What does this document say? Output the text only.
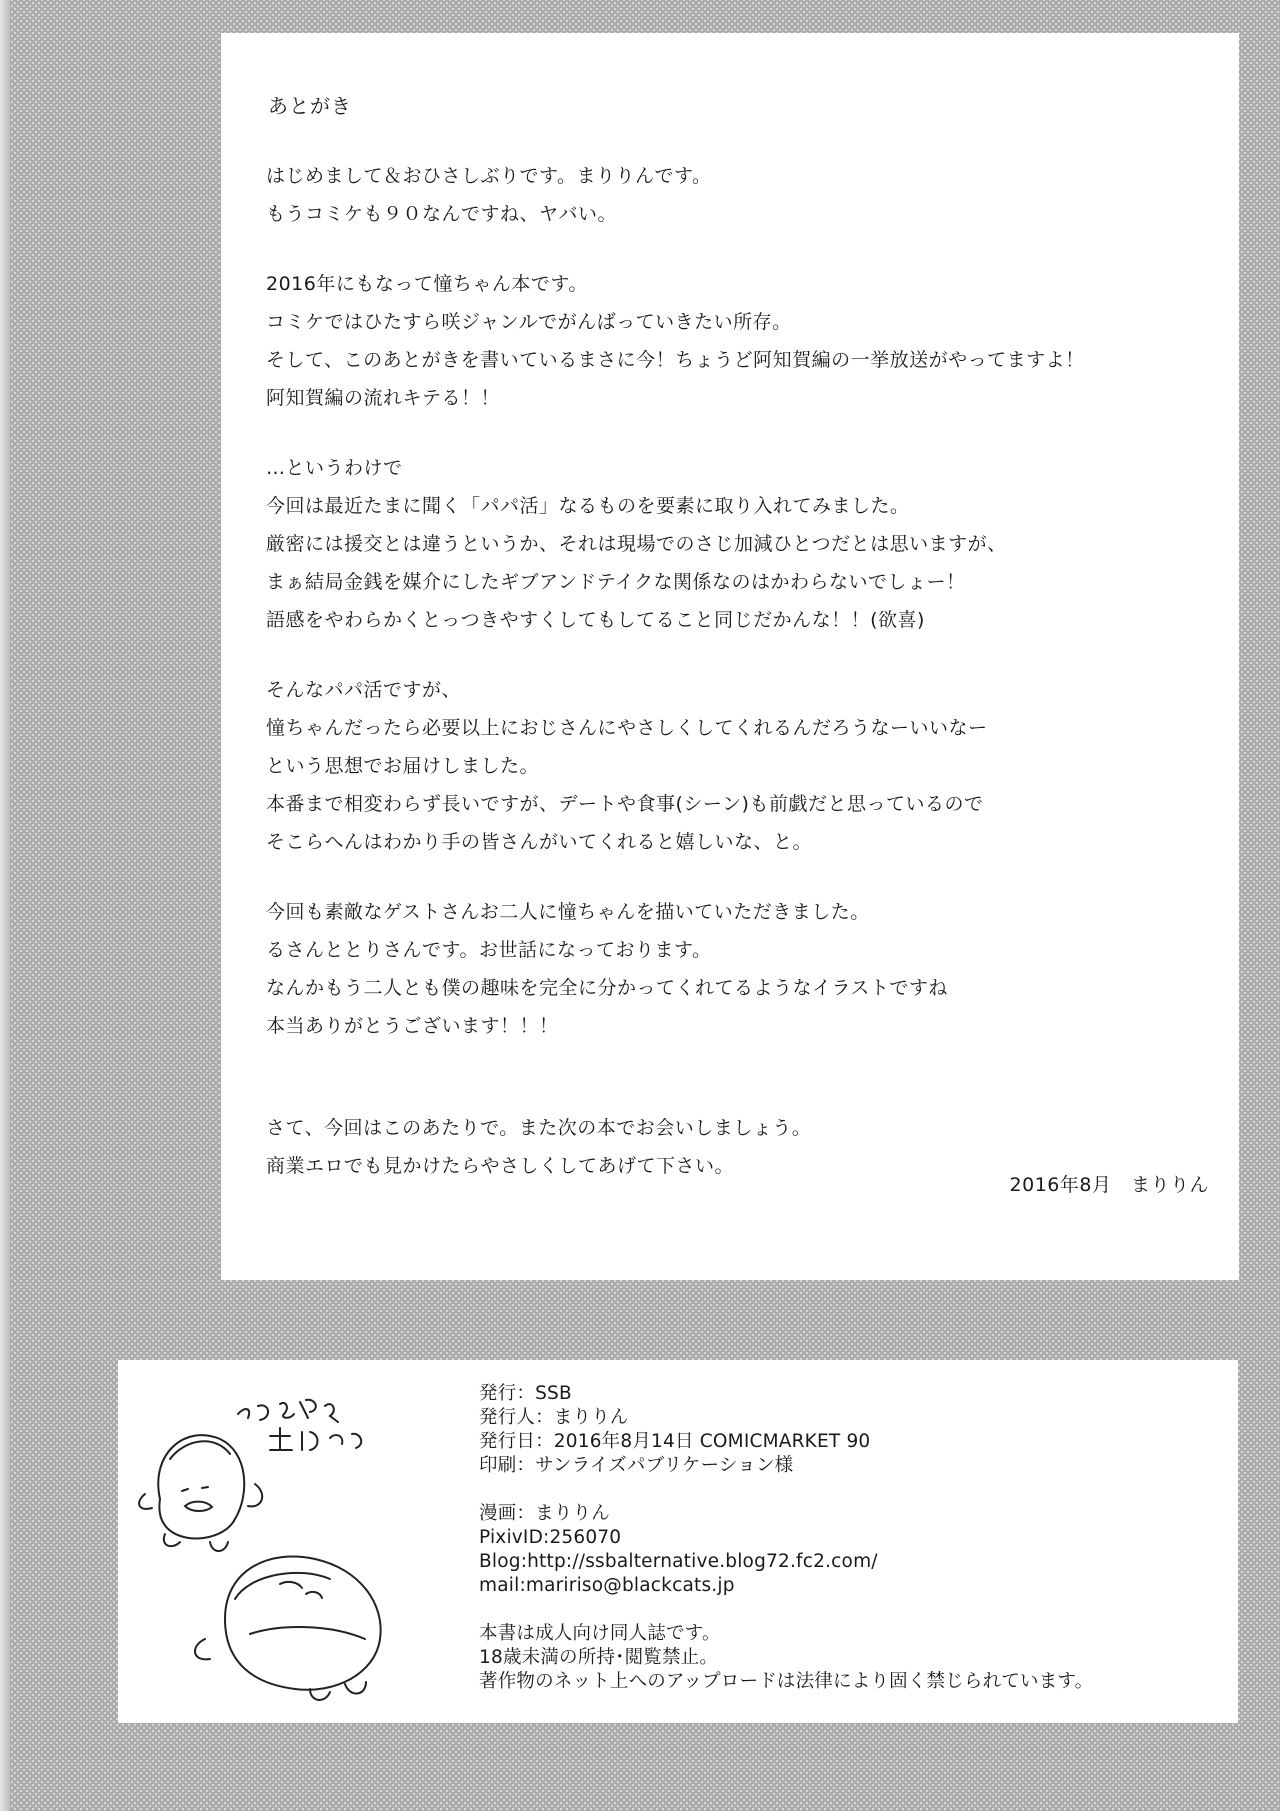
あとがき
はじめまして＆おひさしぶりです。まりりんです。
もうコミケも９０なんですね、ヤバい。
2016年にもなって憧ちゃん本です。
コミケではひたすら咲ジャンルでがんばっていきたい所存。
そして、このあとがきを書いているまさに今！ちょうど阿知賀編の一挙放送がやってますよ！
阿知賀編の流れキテる！！
…というわけで
今回は最近たまに聞く「パパ活」なるものを要素に取り入れてみました。
厳密には援交とは違うというか、それは現場でのさじ加減ひとつだとは思いますが、
まぁ結局金銭を媒介にしたギブアンドテイクな関係なのはかわらないでしょー！
語感をやわらかくとっつきやすくしてもしてること同じだかんな！！(欲喜)
そんなパパ活ですが、
憧ちゃんだったら必要以上におじさんにやさしくしてくれるんだろうなーいいなー
という思想でお届けしました。
本番まで相変わらず長いですが、デートや食事(シーン)も前戯だと思っているので
そこらへんはわかり手の皆さんがいてくれると嬉しいな、と。
今回も素敵なゲストさんお二人に憧ちゃんを描いていただきました。
るさんととりさんです。お世話になっております。
なんかもう二人とも僕の趣味を完全に分かってくれてるようなイラストですね
本当ありがとうございます！！！
さて、今回はこのあたりで。また次の本でお会いしましょう。
商業エロでも見かけたらやさしくしてあげて下さい。
2016年8月　まりりん
発行：SSB
発行人：まりりん
発行日：2016年8月14日 COMICMARKET 90
印刷：サンライズパブリケーション様
漫画：まりりん
PixivID:256070
Blog:http://ssbalternative.blog72.fc2.com/
mail:maririso@blackcats.jp
本書は成人向け同人誌です。
18歳未満の所持･閲覧禁止。
著作物のネット上へのアップロードは法律により固く禁じられています。
